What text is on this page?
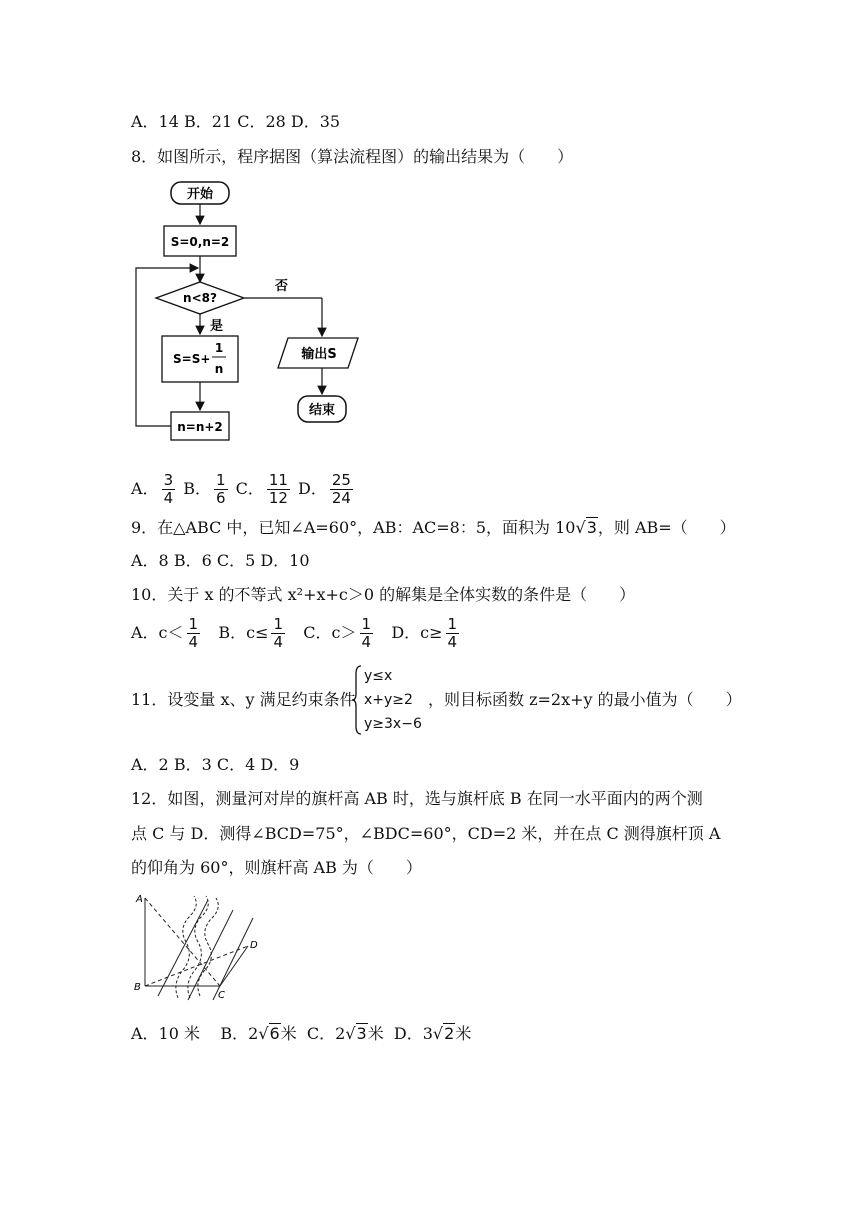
A．14 B．21 C．28 D．35
8．如图所示，程序据图（算法流程图）的输出结果为（　　）
开始
S=0,n=2
n<8?
否
是
S=S+
1
n
n=n+2
输出S
结束
A． $\frac{3}{4}$ B． $\frac{1}{6}$ C． $\frac{11}{12}$ D． $\frac{25}{24}$
9．在△ABC 中，已知∠A=60°，AB：AC=8：5，面积为 10√3，则 AB=（　　）
A．8 B．6 C．5 D．10
10．关于 x 的不等式 x²+x+c＞0 的解集是全体实数的条件是（　　）
A．$c< \frac{1}{4}$ B．$c\le \frac{1}{4}$ C．$c> \frac{1}{4}$ D．$c\ge \frac{1}{4}$
11．设变量 x、y 满足约束条件
y≤x
x+y≥2
y≥3x−6
，则目标函数 z=2x+y 的最小值为（　　）
A．2 B．3 C．4 D．9
12．如图，测量河对岸的旗杆高 AB 时，选与旗杆底 B 在同一水平面内的两个测
点 C 与 D．测得∠BCD=75°，∠BDC=60°，CD=2 米，并在点 C 测得旗杆顶 A
的仰角为 60°，则旗杆高 AB 为（　　）
A
B
C
D
A．10 米 B．2√6米 C．2√3米 D．3√2米
